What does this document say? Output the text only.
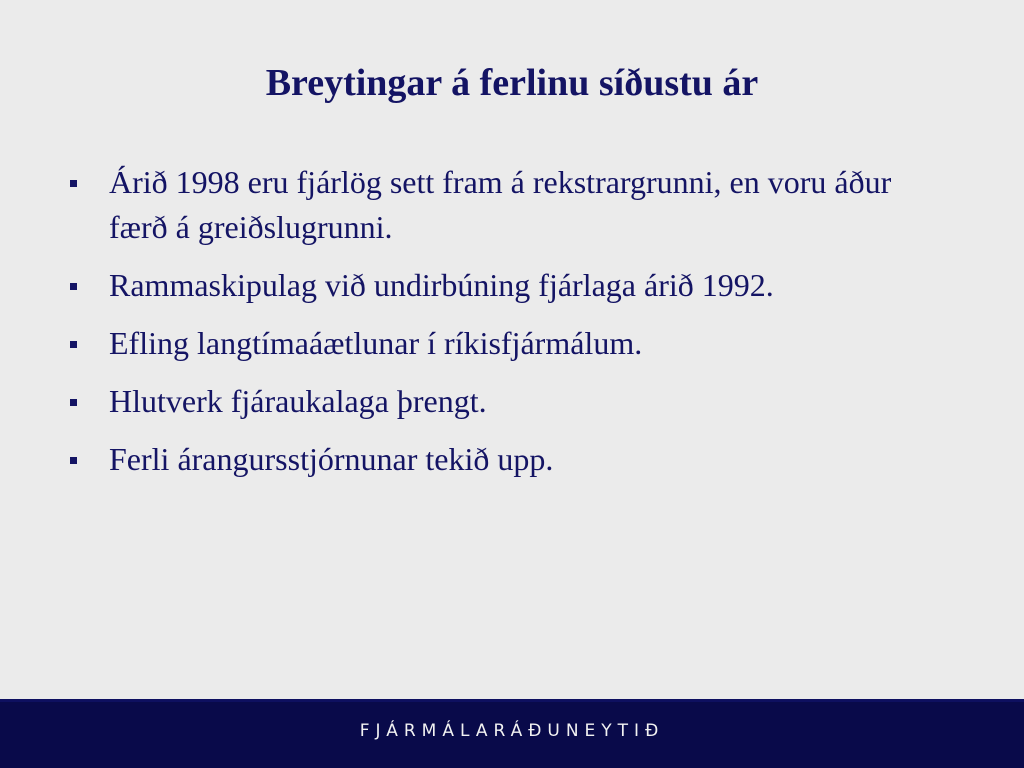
Breytingar á ferlinu síðustu ár
Árið 1998 eru fjárlög sett fram á rekstrargrunni, en voru áður færð á greiðslugrunni.
Rammaskipulag við undirbúning fjárlaga árið 1992.
Efling langtímaáætlunar í ríkisfjármálum.
Hlutverk fjáraukalaga þrengt.
Ferli árangursstjórnunar tekið upp.
FJÁRMÁLARÁÐUNEYTIÐ
